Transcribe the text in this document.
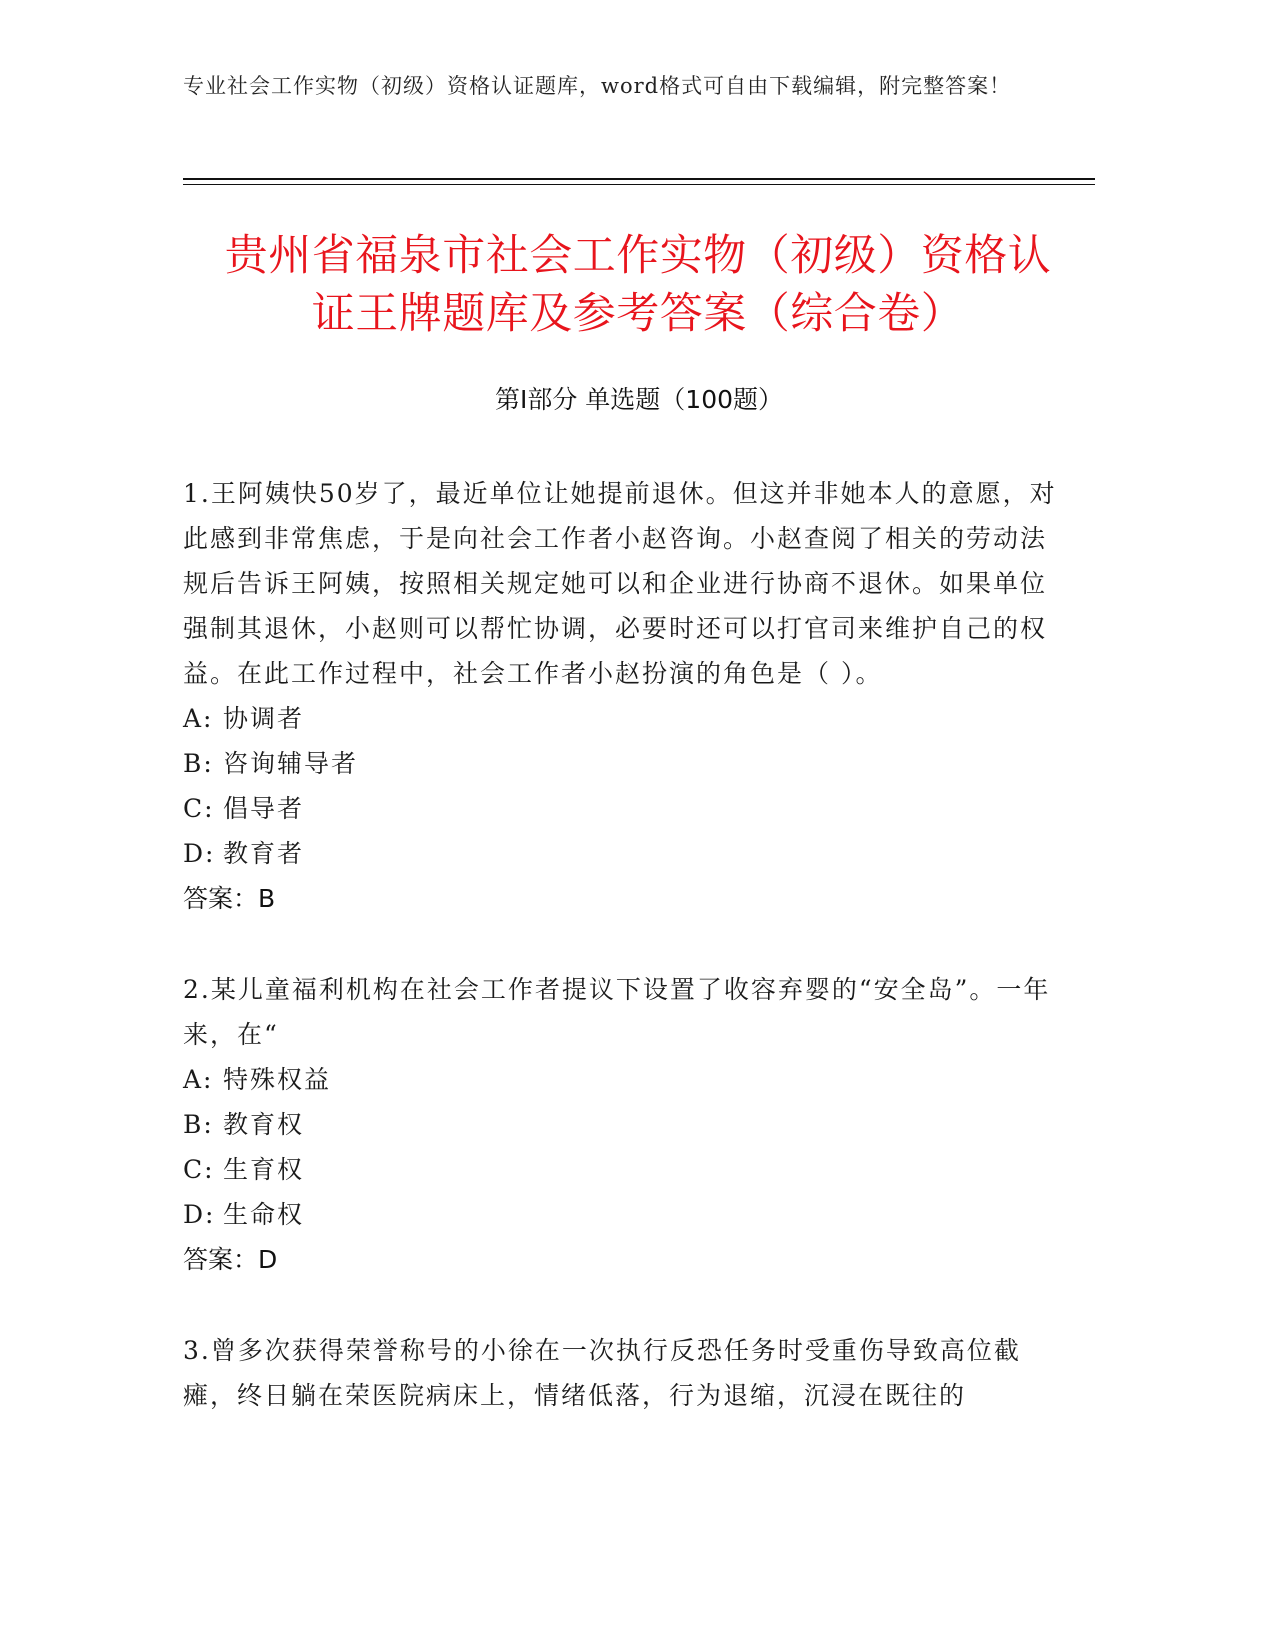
专业社会工作实物（初级）资格认证题库，word格式可自由下载编辑，附完整答案！
贵州省福泉市社会工作实物（初级）资格认
证王牌题库及参考答案（综合卷）
第Ⅰ部分 单选题（100题）

1.王阿姨快50岁了，最近单位让她提前退休。但这并非她本人的意愿，对此感到非常焦虑，于是向社会工作者小赵咨询。小赵查阅了相关的劳动法规后告诉王阿姨，按照相关规定她可以和企业进行协商不退休。如果单位强制其退休，小赵则可以帮忙协调，必要时还可以打官司来维护自己的权益。在此工作过程中，社会工作者小赵扮演的角色是（ ）。

A: 协调者

B: 咨询辅导者

C: 倡导者

D: 教育者

答案：B

2.某儿童福利机构在社会工作者提议下设置了收容弃婴的“安全岛”。一年来，在“

A: 特殊权益

B: 教育权

C: 生育权

D: 生命权

答案：D

3.曾多次获得荣誉称号的小徐在一次执行反恐任务时受重伤导致高位截瘫，终日躺在荣医院病床上，情绪低落，行为退缩，沉浸在既往的
